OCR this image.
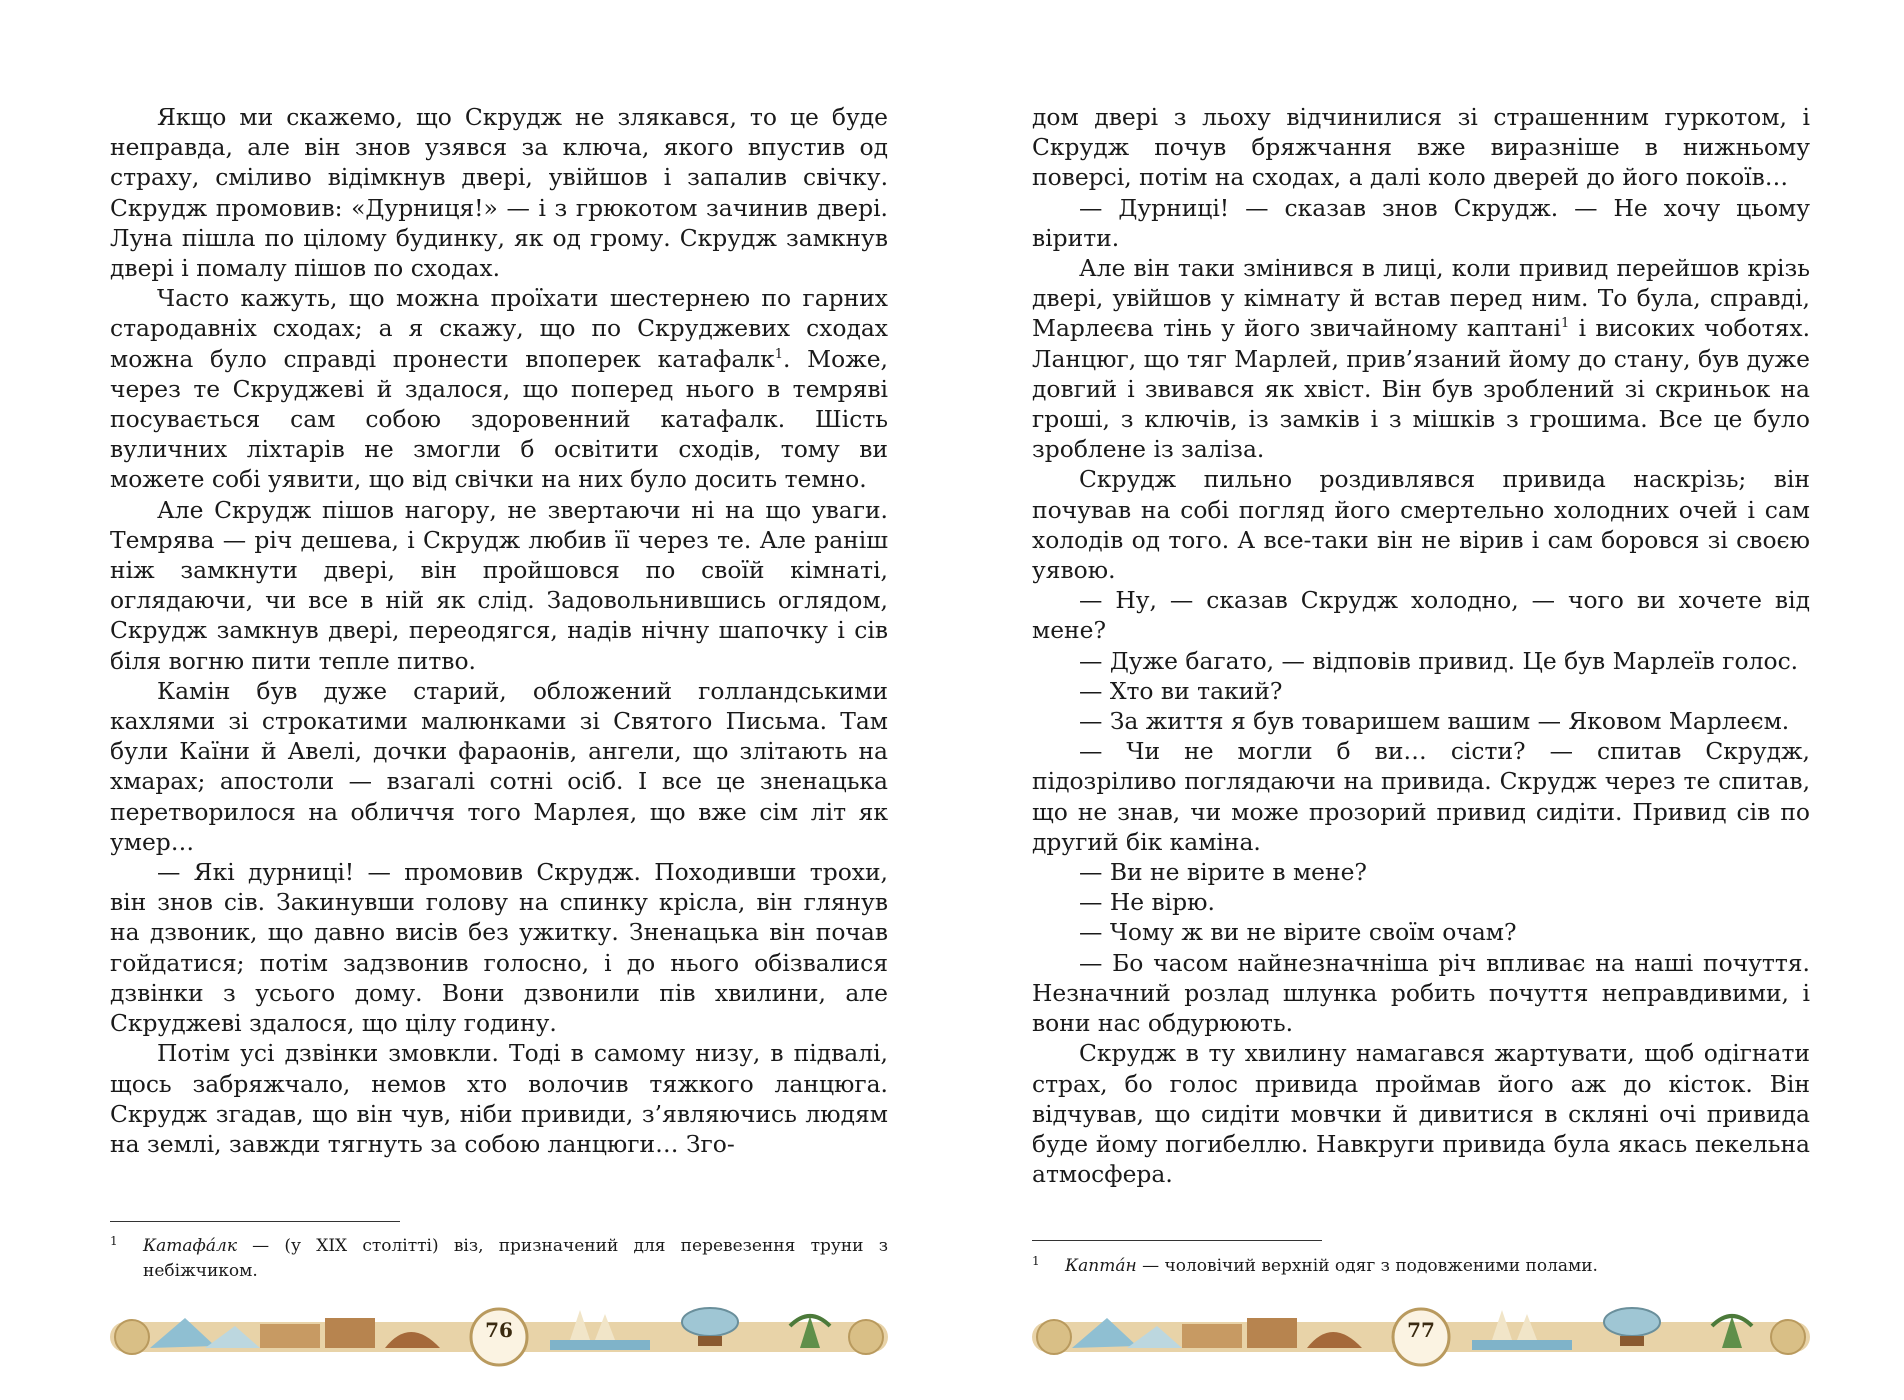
Якщо ми скажемо, що Скрудж не злякався, то це буде неправда, але він знов узявся за ключа, якого впустив од страху, сміливо відімкнув двері, увійшов і запалив свічку. Скрудж промовив: «Дурниця!» — і з грюкотом зачинив двері. Луна пішла по цілому будинку, як од грому. Скрудж замкнув двері і помалу пішов по сходах.

Часто кажуть, що можна проїхати шестернею по гарних стародавніх сходах; а я скажу, що по Скруджевих сходах можна було справді пронести впоперек катафалк$^1$. Може, через те Скруджеві й здалося, що поперед нього в темряві посувається сам собою здоровенний катафалк. Шість вуличних ліхтарів не змогли б освітити сходів, тому ви можете собі уявити, що від свічки на них було досить темно.

Але Скрудж пішов нагору, не звертаючи ні на що уваги. Темрява — річ дешева, і Скрудж любив її через те. Але раніш ніж замкнути двері, він пройшовся по своїй кімнаті, оглядаючи, чи все в ній як слід. Задовольнившись оглядом, Скрудж замкнув двері, переодягся, надів нічну шапочку і сів біля вогню пити тепле питво.

Камін був дуже старий, обложений голландськими кахлями зі строкатими малюнками зі Святого Письма. Там були Каїни й Авелі, дочки фараонів, ангели, що злітають на хмарах; апостоли — взагалі сотні осіб. І все це зненацька перетворилося на обличчя того Марлея, що вже сім літ як умер…

— Які дурниці! — промовив Скрудж. Походивши трохи, він знов сів. Закинувши голову на спинку крісла, він глянув на дзвоник, що давно висів без ужитку. Зненацька він почав гойдатися; потім задзвонив голосно, і до нього обізвалися дзвінки з усього дому. Вони дзвонили пів хвилини, але Скруджеві здалося, що цілу годину.

Потім усі дзвінки змовкли. Тоді в самому низу, в підвалі, щось забряжчало, немов хто волочив тяжкого ланцюга. Скрудж згадав, що він чув, ніби привиди, з’являючись людям на землі, завжди тягнуть за собою ланцюги… Зго-

1	Катафа́лк — (у XIX столітті) віз, призначений для перевезення труни з небіжчиком.
76

дом двері з льоху відчинилися зі страшенним гуркотом, і Скрудж почув бряжчання вже виразніше в нижньому поверсі, потім на сходах, а далі коло дверей до його покоїв…

— Дурниці! — сказав знов Скрудж. — Не хочу цьому вірити.

Але він таки змінився в лиці, коли привид перейшов крізь двері, увійшов у кімнату й встав перед ним. То була, справді, Марлеєва тінь у його звичайному каптані$^1$ і високих чоботях. Ланцюг, що тяг Марлей, прив’язаний йому до стану, був дуже довгий і звивався як хвіст. Він був зроблений зі скриньок на гроші, з ключів, із замків і з мішків з грошима. Все це було зроблене із заліза.

Скрудж пильно роздивлявся привида наскрізь; він почував на собі погляд його смертельно холодних очей і сам холодів од того. А все-таки він не вірив і сам боровся зі своєю уявою.

— Ну, — сказав Скрудж холодно, — чого ви хочете від мене?

— Дуже багато, — відповів привид. Це був Марлеїв голос.

— Хто ви такий?

— За життя я був товаришем вашим — Яковом Марлеєм.

— Чи не могли б ви… сісти? — спитав Скрудж, підозріливо поглядаючи на привида. Скрудж через те спитав, що не знав, чи може прозорий привид сидіти. Привид сів по другий бік каміна.

— Ви не вірите в мене?

— Не вірю.

— Чому ж ви не вірите своїм очам?

— Бо часом найнезначніша річ впливає на наші почуття. Незначний розлад шлунка робить почуття неправдивими, і вони нас обдурюють.

Скрудж в ту хвилину намагався жартувати, щоб одігнати страх, бо голос привида проймав його аж до кісток. Він відчував, що сидіти мовчки й дивитися в скляні очі привида буде йому погибеллю. Навкруги привида була якась пекельна атмосфера.

1	Капта́н — чоловічий верхній одяг з подовженими полами.
77
